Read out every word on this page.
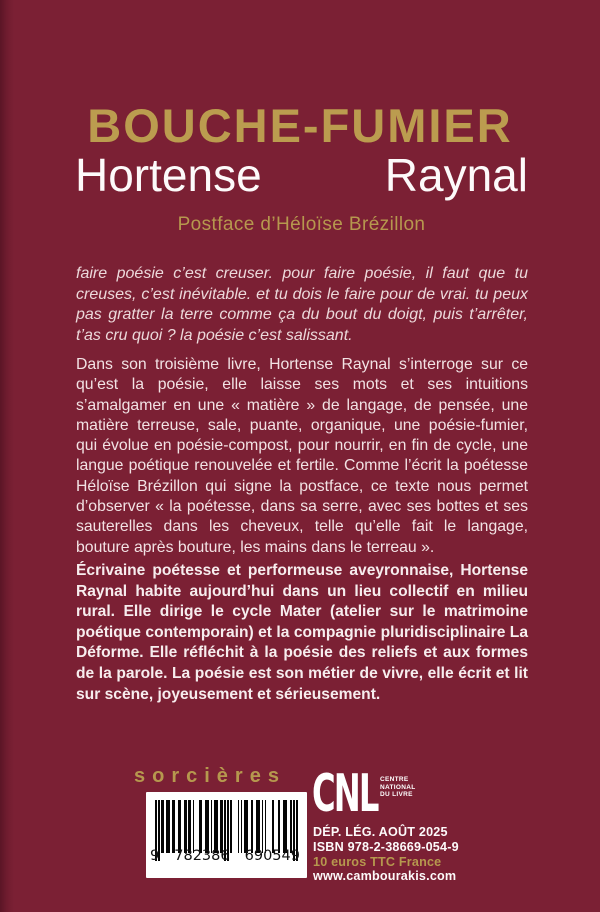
BOUCHE-FUMIER
Hortense	Raynal
Postface d’Héloïse Brézillon
faire poésie c’est creuser. pour faire poésie, il faut que tu creuses, c’est inévitable. et tu dois le faire pour de vrai. tu peux pas gratter la terre comme ça du bout du doigt, puis t’arrêter, t’as cru quoi ? la poésie c’est salissant.
Dans son troisième livre, Hortense Raynal s’interroge sur ce qu’est la poésie, elle laisse ses mots et ses intuitions s’amalgamer en une « matière » de langage, de pensée, une matière terreuse, sale, puante, organique, une poésie-fumier, qui évolue en poésie-compost, pour nourrir, en fin de cycle, une langue poétique renouvelée et fertile. Comme l’écrit la poétesse Héloïse Brézillon qui signe la postface, ce texte nous permet d’observer « la poétesse, dans sa serre, avec ses bottes et ses sauterelles dans les cheveux, telle qu’elle fait le langage, bouture après bouture, les mains dans le terreau ».
Écrivaine poétesse et performeuse aveyronnaise, Hortense Raynal habite aujourd’hui dans un lieu collectif en milieu rural. Elle dirige le cycle Mater (atelier sur le matrimoine poétique contemporain) et la compagnie pluridisciplinaire La Déforme. Elle réfléchit à la poésie des reliefs et aux formes de la parole. La poésie est son métier de vivre, elle écrit et lit sur scène, joyeusement et sérieusement.
sorcières
9 782386 690549
CNL CENTRE
NATIONAL
DU LIVRE
DÉP. LÉG. AOÛT 2025
ISBN 978-2-38669-054-9
10 euros TTC France
www.cambourakis.com
